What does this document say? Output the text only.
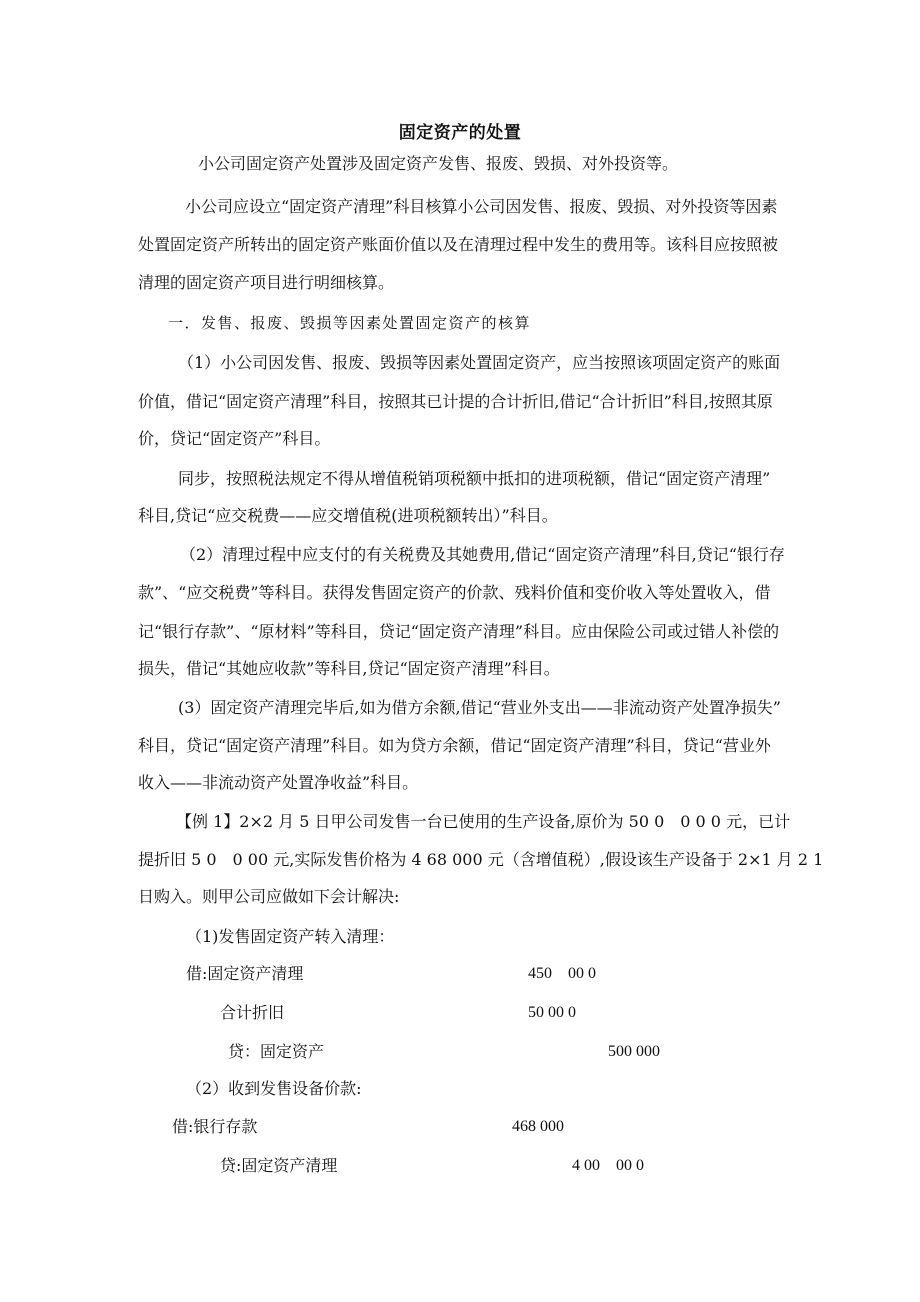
固定资产的处置
小公司固定资产处置涉及固定资产发售、报废、毁损、对外投资等。
小公司应设立“固定资产清理”科目核算小公司因发售、报废、毁损、对外投资等因素
处置固定资产所转出的固定资产账面价值以及在清理过程中发生的费用等。该科目应按照被
清理的固定资产项目进行明细核算。
一．发售、报废、毁损等因素处置固定资产的核算
（1）小公司因发售、报废、毁损等因素处置固定资产，应当按照该项固定资产的账面
价值，借记“固定资产清理”科目，按照其已计提的合计折旧,借记“合计折旧”科目,按照其原
价，贷记“固定资产”科目。
同步，按照税法规定不得从增值税销项税额中抵扣的进项税额，借记“固定资产清理”
科目,贷记“应交税费——应交增值税(进项税额转出）”科目。
（2）清理过程中应支付的有关税费及其她费用,借记“固定资产清理”科目,贷记“银行存
款”、“应交税费”等科目。获得发售固定资产的价款、残料价值和变价收入等处置收入，借
记“银行存款”、“原材料”等科目，贷记“固定资产清理”科目。应由保险公司或过错人补偿的
损失，借记“其她应收款”等科目,贷记“固定资产清理”科目。
(3）固定资产清理完毕后,如为借方余额,借记“营业外支出——非流动资产处置净损失”
科目，贷记“固定资产清理”科目。如为贷方余额，借记“固定资产清理”科目，贷记“营业外
收入——非流动资产处置净收益”科目。
【例 1】2×2 月 5 日甲公司发售一台已使用的生产设备,原价为 50 0　0 0 0 元，已计
提折旧 5 0　0 00 元,实际发售价格为 4 68 000 元（含增值税）,假设该生产设备于 2×1 月 2 1
日购入。则甲公司应做如下会计解决:
（1)发售固定资产转入清理：
借:固定资产清理	450　00 0
合计折旧	50 00 0
贷：固定资产	500 000
（2）收到发售设备价款:
借:银行存款	468 000
贷:固定资产清理	4 00　00 0
